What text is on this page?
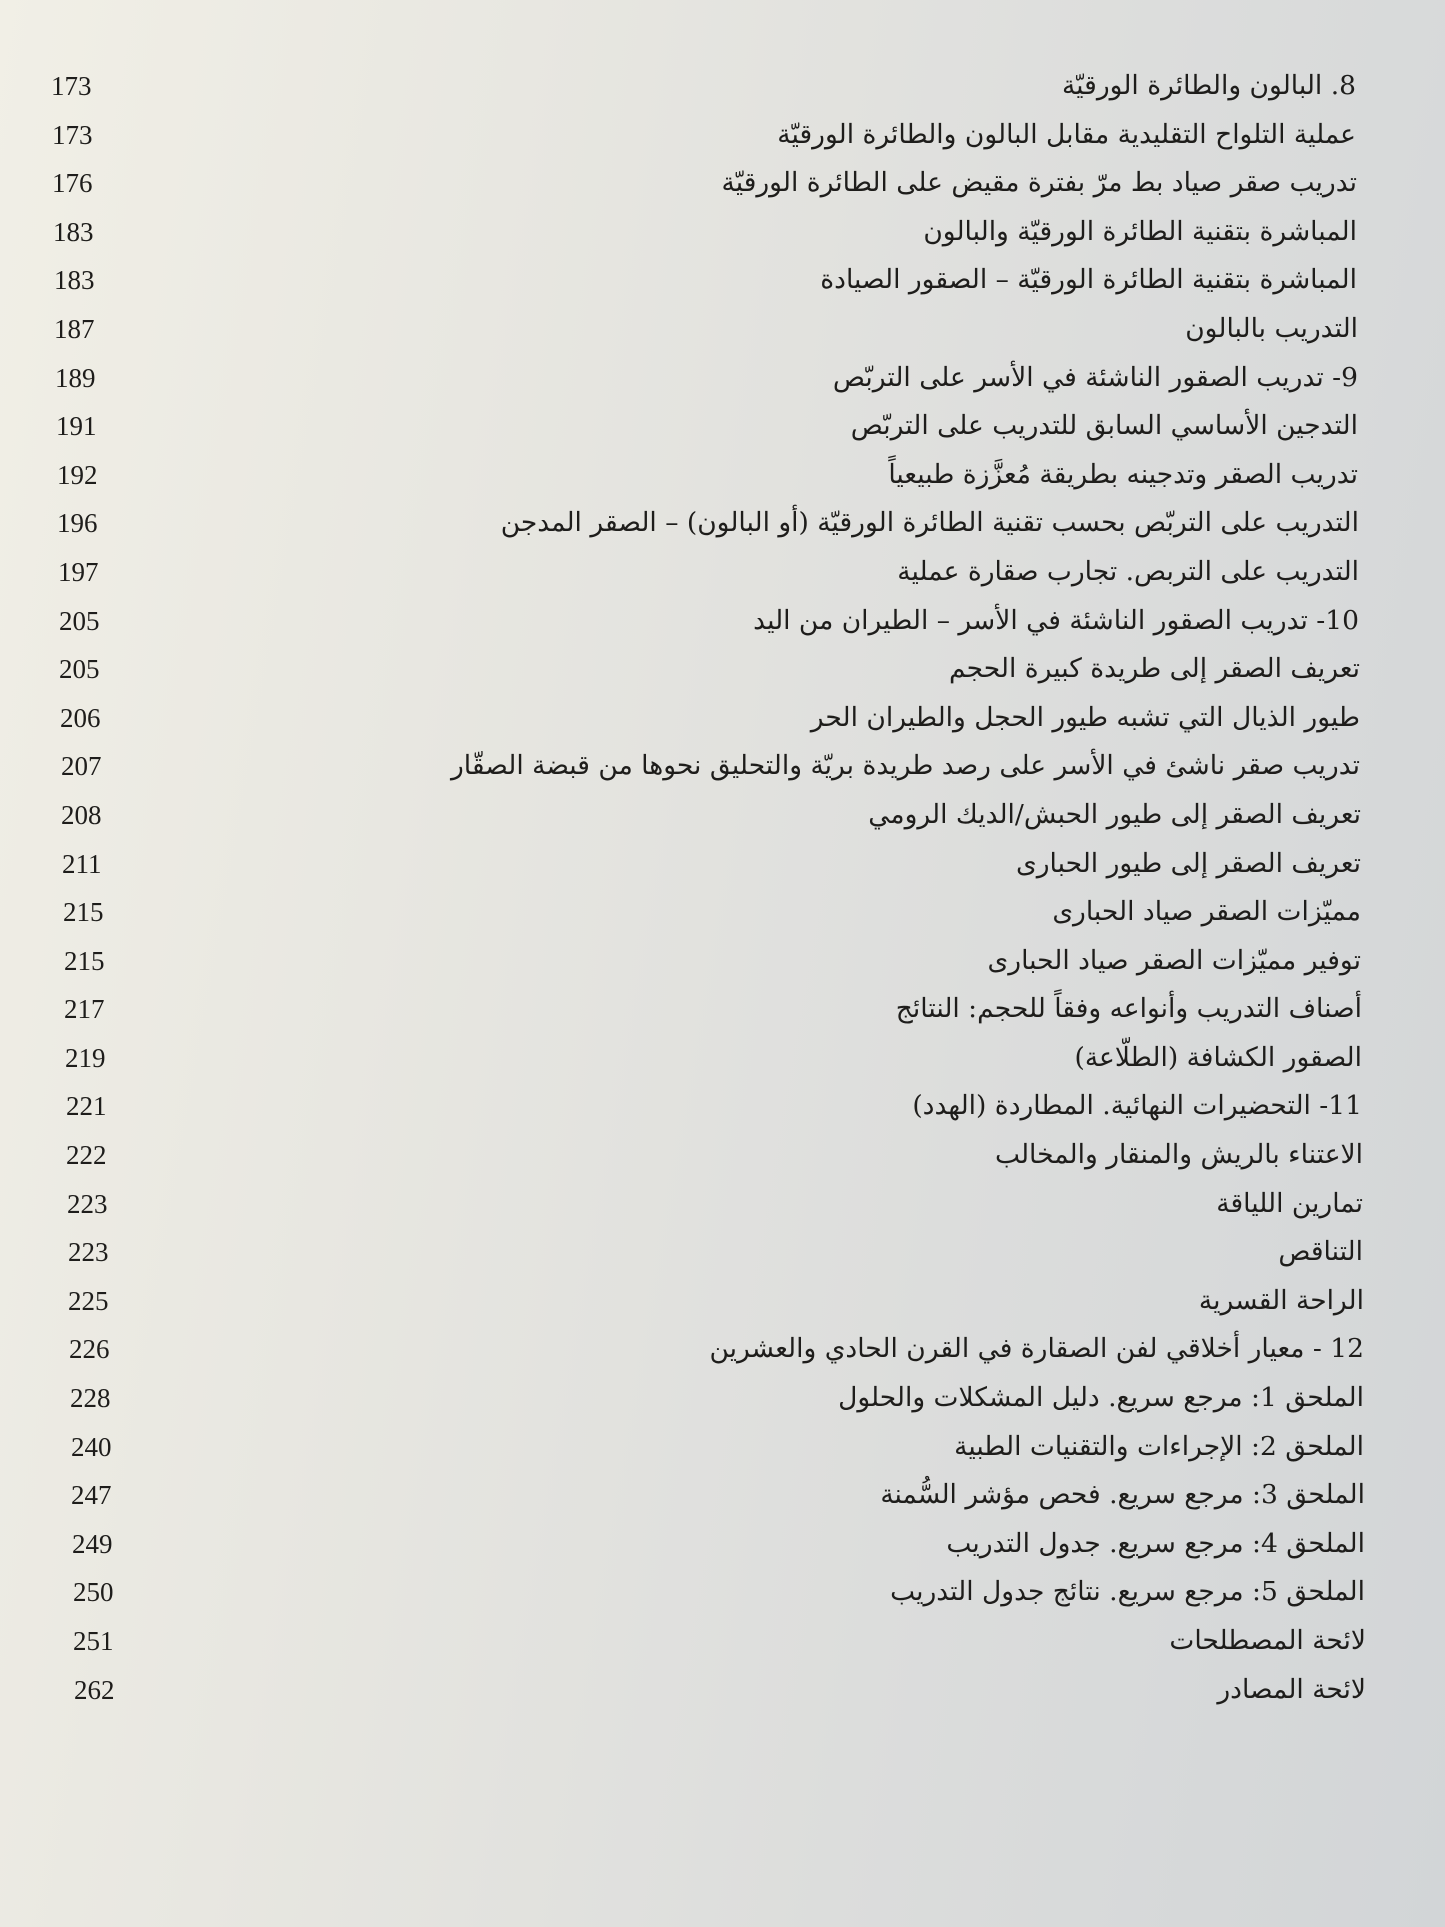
8. البالون والطائرة الورقيّة
173
عملية التلواح التقليدية مقابل البالون والطائرة الورقيّة
173
تدريب صقر صياد بط مرّ بفترة مقيض على الطائرة الورقيّة
176
المباشرة بتقنية الطائرة الورقيّة والبالون
183
المباشرة بتقنية الطائرة الورقيّة – الصقور الصيادة
183
التدريب بالبالون
187
9- تدريب الصقور الناشئة في الأسر على التربّص
189
التدجين الأساسي السابق للتدريب على التربّص
191
تدريب الصقر وتدجينه بطريقة مُعزَّزة طبيعياً
192
التدريب على التربّص بحسب تقنية الطائرة الورقيّة (أو البالون) – الصقر المدجن
196
التدريب على التربص. تجارب صقارة عملية
197
10- تدريب الصقور الناشئة في الأسر – الطيران من اليد
205
تعريف الصقر إلى طريدة كبيرة الحجم
205
طيور الذيال التي تشبه طيور الحجل والطيران الحر
206
تدريب صقر ناشئ في الأسر على رصد طريدة بريّة والتحليق نحوها من قبضة الصقّار
207
تعريف الصقر إلى طيور الحبش/الديك الرومي
208
تعريف الصقر إلى طيور الحبارى
211
مميّزات الصقر صياد الحبارى
215
توفير مميّزات الصقر صياد الحبارى
215
أصناف التدريب وأنواعه وفقاً للحجم: النتائج
217
الصقور الكشافة (الطلّاعة)
219
11- التحضيرات النهائية. المطاردة (الهدد)
221
الاعتناء بالريش والمنقار والمخالب
222
تمارين اللياقة
223
التناقص
223
الراحة القسرية
225
12 - معيار أخلاقي لفن الصقارة في القرن الحادي والعشرين
226
الملحق 1: مرجع سريع. دليل المشكلات والحلول
228
الملحق 2: الإجراءات والتقنيات الطبية
240
الملحق 3: مرجع سريع. فحص مؤشر السُّمنة
247
الملحق 4: مرجع سريع. جدول التدريب
249
الملحق 5: مرجع سريع. نتائج جدول التدريب
250
لائحة المصطلحات
251
لائحة المصادر
262
